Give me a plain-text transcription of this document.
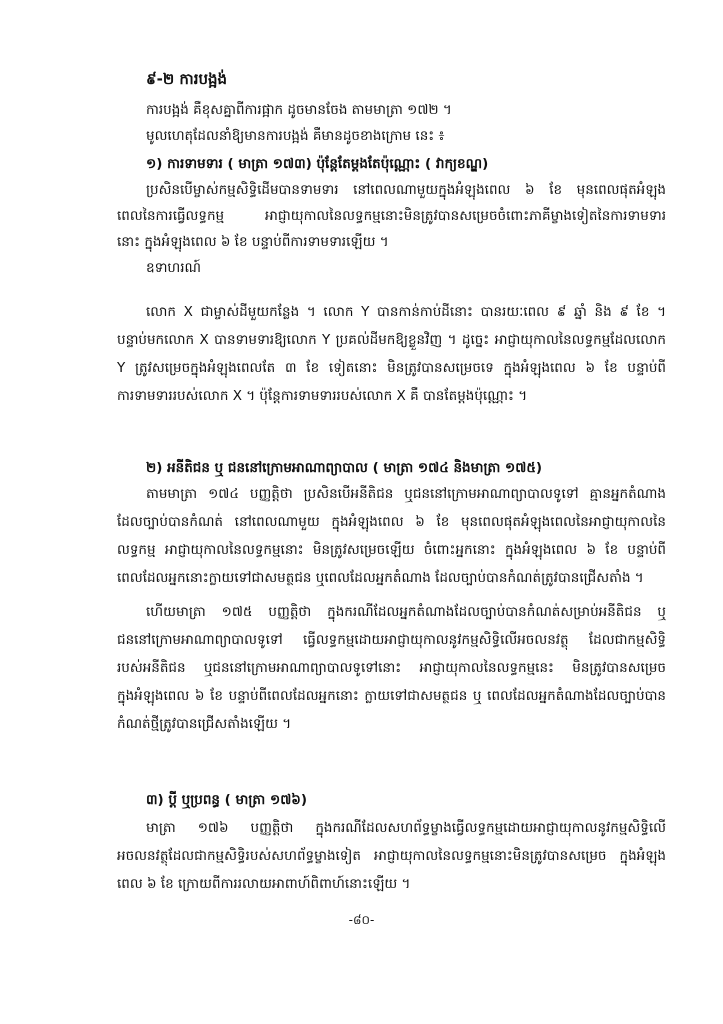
៩-២ ការបង្អង់
ការបង្អង់ គឺខុសគ្នាពីការផ្អាក ដូចមានចែង តាមមាត្រា ១៧២ ។
មូលហេតុដែលនាំឱ្យមានការបង្អង់ គឺមានដូចខាងក្រោម នេះ ៖
១) ការទាមទារ ( មាត្រា ១៧៣) ប៉ុន្តែតែម្តងតែប៉ុណ្ណោះ ( វាក្យខណ្ឌ)
ប្រសិនបើម្ចាស់កម្មសិទ្ធិដើមបានទាមទារ នៅពេលណាមួយក្នុងអំឡុងពេល ៦ ខែ មុនពេលផុតអំឡុង
ពេលនៃការធ្វើលទ្ធកម្ម អាជ្ញាយុកាលនៃលទ្ធកម្មនោះមិនត្រូវបានសម្រេចចំពោះភាគីម្ខាងទៀតនៃការទាមទារ
នោះ ក្នុងអំឡុងពេល ៦ ខែ បន្ទាប់ពីការទាមទារឡើយ ។
ឧទាហរណ៍
លោក X ជាម្ចាស់ដីមួយកន្លែង ។ លោក Y បានកាន់កាប់ដីនោះ បានរយៈពេល ៩ ឆ្នាំ និង ៩ ខែ ។
បន្ទាប់មកលោក X បានទាមទារឱ្យលោក Y ប្រគល់ដីមកឱ្យខ្លួនវិញ ។ ដូច្នេះ អាជ្ញាយុកាលនៃលទ្ធកម្មដែលលោក
Y ត្រូវសម្រេចក្នុងអំឡុងពេលតែ ៣ ខែ ទៀតនោះ មិនត្រូវបានសម្រេចទេ ក្នុងអំឡុងពេល ៦ ខែ បន្ទាប់ពី
ការទាមទាររបស់លោក X ។ ប៉ុន្តែការទាមទាររបស់លោក X គឺ បានតែម្តងប៉ុណ្ណោះ ។
២) អនីតិជន ឬ ជននៅក្រោមអាណាព្យាបាល ( មាត្រា ១៧៤ និងមាត្រា ១៧៥)
តាមមាត្រា ១៧៤ បញ្ញត្តិថា ប្រសិនបើអនីតិជន ឬជននៅក្រោមអាណាព្យាបាលទូទៅ គ្មានអ្នកតំណាង
ដែលច្បាប់បានកំណត់ នៅពេលណាមួយ ក្នុងអំឡុងពេល ៦ ខែ មុនពេលផុតអំឡុងពេលនៃអាជ្ញាយុកាលនៃ
លទ្ធកម្ម អាជ្ញាយុកាលនៃលទ្ធកម្មនោះ មិនត្រូវសម្រេចឡើយ ចំពោះអ្នកនោះ ក្នុងអំឡុងពេល ៦ ខែ បន្ទាប់ពី
ពេលដែលអ្នកនោះក្លាយទៅជាសមត្ថជន ឬពេលដែលអ្នកតំណាង ដែលច្បាប់បានកំណត់ត្រូវបានជ្រើសតាំង ។
ហើយមាត្រា ១៧៥ បញ្ញត្តិថា ក្នុងករណីដែលអ្នកតំណាងដែលច្បាប់បានកំណត់សម្រាប់អនីតិជន ឬ
ជននៅក្រោមអាណាព្យាបាលទូទៅ ធ្វើលទ្ធកម្មដោយអាជ្ញាយុកាលនូវកម្មសិទ្ធិលើអចលនវត្ថុ ដែលជាកម្មសិទ្ធិ
របស់អនីតិជន ឬជននៅក្រោមអាណាព្យាបាលទូទៅនោះ អាជ្ញាយុកាលនៃលទ្ធកម្មនេះ មិនត្រូវបានសម្រេច
ក្នុងអំឡុងពេល ៦ ខែ បន្ទាប់ពីពេលដែលអ្នកនោះ ក្លាយទៅជាសមត្ថជន ឬ ពេលដែលអ្នកតំណាងដែលច្បាប់បាន
កំណត់ថ្មីត្រូវបានជ្រើសតាំងឡើយ ។
៣) ប្តី ឬប្រពន្ធ ( មាត្រា ១៧៦)
មាត្រា ១៧៦ បញ្ញត្តិថា ក្នុងករណីដែលសហព័ទ្ធម្ខាងធ្វើលទ្ធកម្មដោយអាជ្ញាយុកាលនូវកម្មសិទ្ធិលើ
អចលនវត្ថុដែលជាកម្មសិទ្ធិរបស់សហព័ទ្ធម្ខាងទៀត អាជ្ញាយុកាលនៃលទ្ធកម្មនោះមិនត្រូវបានសម្រេច ក្នុងអំឡុង
ពេល ៦ ខែ ក្រោយពីការរលាយអាពាហ៍ពិពាហ៍នោះឡើយ ។
-៨០-
